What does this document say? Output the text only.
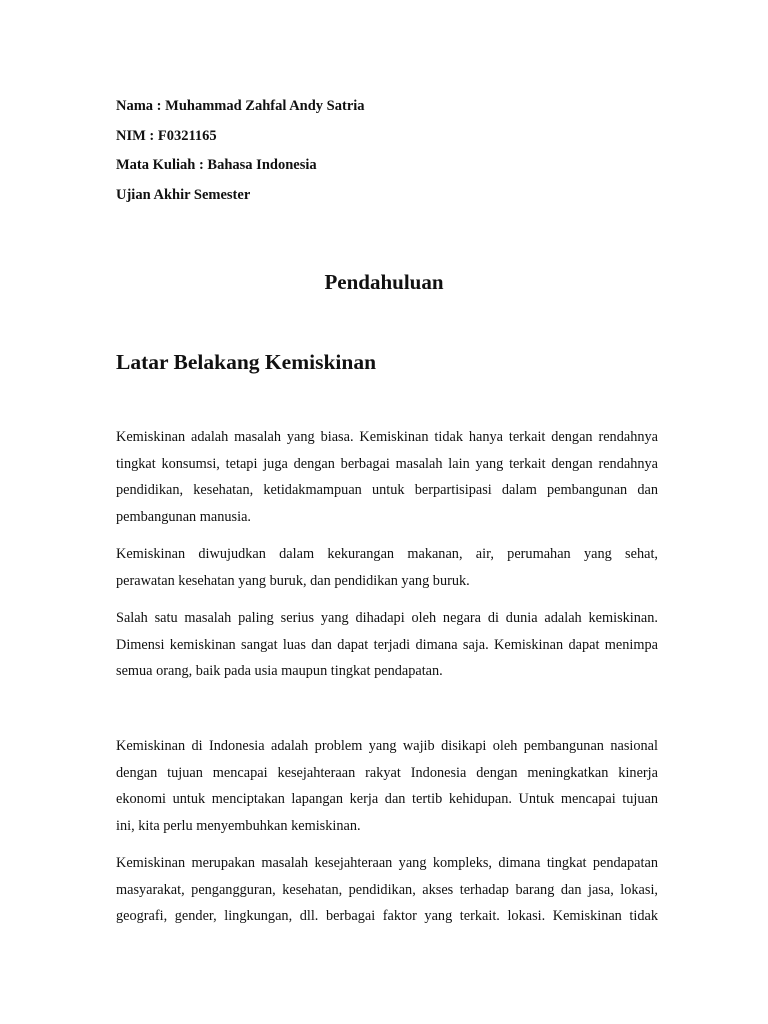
Nama : Muhammad Zahfal Andy Satria
NIM : F0321165
Mata Kuliah : Bahasa Indonesia
Ujian Akhir Semester
Pendahuluan
Latar Belakang Kemiskinan

Kemiskinan adalah masalah yang biasa. Kemiskinan tidak hanya terkait dengan rendahnya
tingkat konsumsi, tetapi juga dengan berbagai masalah lain yang terkait dengan rendahnya
pendidikan, kesehatan, ketidakmampuan untuk berpartisipasi dalam pembangunan dan
pembangunan manusia.

Kemiskinan diwujudkan dalam kekurangan makanan, air, perumahan yang sehat,
perawatan kesehatan yang buruk, dan pendidikan yang buruk.

Salah satu masalah paling serius yang dihadapi oleh negara di dunia adalah kemiskinan.
Dimensi kemiskinan sangat luas dan dapat terjadi dimana saja. Kemiskinan dapat menimpa
semua orang, baik pada usia maupun tingkat pendapatan.

Kemiskinan di Indonesia adalah problem yang wajib disikapi oleh pembangunan nasional
dengan tujuan mencapai kesejahteraan rakyat Indonesia dengan meningkatkan kinerja
ekonomi untuk menciptakan lapangan kerja dan tertib kehidupan. Untuk mencapai tujuan
ini, kita perlu menyembuhkan kemiskinan.

Kemiskinan merupakan masalah kesejahteraan yang kompleks, dimana tingkat pendapatan
masyarakat, pengangguran, kesehatan, pendidikan, akses terhadap barang dan jasa, lokasi,
geografi, gender, lingkungan, dll. berbagai faktor yang terkait. lokasi. Kemiskinan tidak
